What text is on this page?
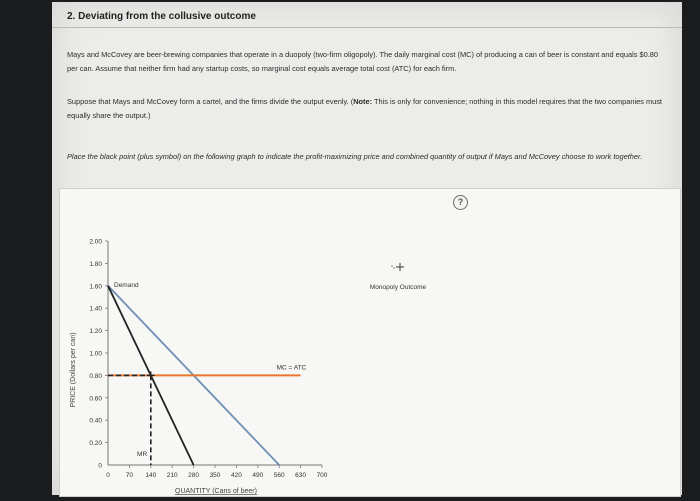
2. Deviating from the collusive outcome

Mays and McCovey are beer-brewing companies that operate in a duopoly (two-firm oligopoly). The daily marginal cost (MC) of producing a can of beer is constant and equals $0.80 per can. Assume that neither firm had any startup costs, so marginal cost equals average total cost (ATC) for each firm.

Suppose that Mays and McCovey form a cartel, and the firms divide the output evenly. (Note: This is only for convenience; nothing in this model requires that the two companies must equally share the output.)

Place the black point (plus symbol) on the following graph to indicate the profit-maximizing price and combined quantity of output if Mays and McCovey choose to work together.

?
0
0.20
0.40
0.60
0.80
1.00
1.20
1.40
1.60
1.80
2.00
0 70 140 210 280 350 420 490 560 630 700
Demand
MR
MC = ATC
Monopoly Outcome
PRICE (Dollars per can)
QUANTITY (Cans of beer)
